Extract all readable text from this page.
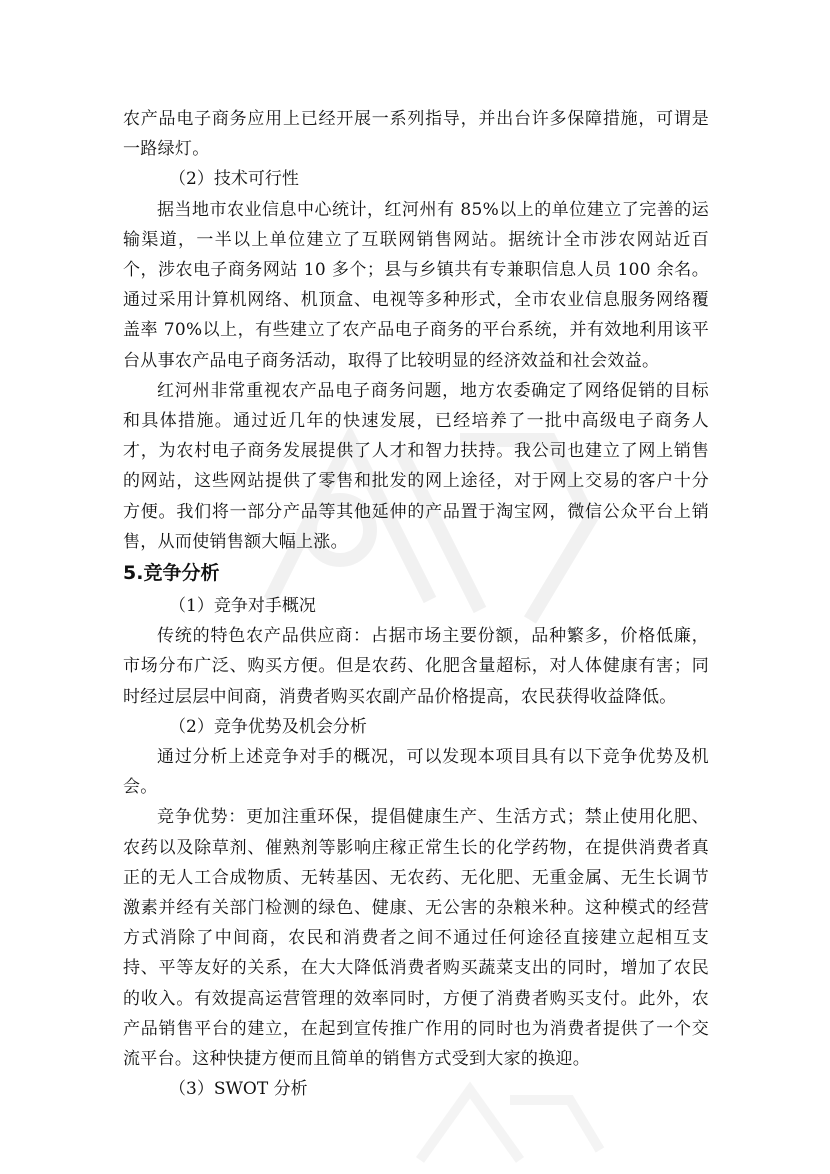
农产品电子商务应用上已经开展一系列指导，并出台许多保障措施，可谓是一路绿灯。

（2）技术可行性

据当地市农业信息中心统计，红河州有 85%以上的单位建立了完善的运输渠道，一半以上单位建立了互联网销售网站。据统计全市涉农网站近百个，涉农电子商务网站 10 多个；县与乡镇共有专兼职信息人员 100 余名。通过采用计算机网络、机顶盒、电视等多种形式，全市农业信息服务网络覆盖率 70%以上，有些建立了农产品电子商务的平台系统，并有效地利用该平台从事农产品电子商务活动，取得了比较明显的经济效益和社会效益。

红河州非常重视农产品电子商务问题，地方农委确定了网络促销的目标和具体措施。通过近几年的快速发展，已经培养了一批中高级电子商务人才，为农村电子商务发展提供了人才和智力扶持。我公司也建立了网上销售的网站，这些网站提供了零售和批发的网上途径，对于网上交易的客户十分方便。我们将一部分产品等其他延伸的产品置于淘宝网，微信公众平台上销售，从而使销售额大幅上涨。

5.竞争分析

（1）竞争对手概况

传统的特色农产品供应商：占据市场主要份额，品种繁多，价格低廉，市场分布广泛、购买方便。但是农药、化肥含量超标，对人体健康有害；同时经过层层中间商，消费者购买农副产品价格提高，农民获得收益降低。

（2）竞争优势及机会分析

通过分析上述竞争对手的概况，可以发现本项目具有以下竞争优势及机会。

竞争优势：更加注重环保，提倡健康生产、生活方式；禁止使用化肥、农药以及除草剂、催熟剂等影响庄稼正常生长的化学药物，在提供消费者真正的无人工合成物质、无转基因、无农药、无化肥、无重金属、无生长调节激素并经有关部门检测的绿色、健康、无公害的杂粮米种。这种模式的经营方式消除了中间商，农民和消费者之间不通过任何途径直接建立起相互支持、平等友好的关系，在大大降低消费者购买蔬菜支出的同时，增加了农民的收入。有效提高运营管理的效率同时，方便了消费者购买支付。此外，农产品销售平台的建立，在起到宣传推广作用的同时也为消费者提供了一个交流平台。这种快捷方便而且简单的销售方式受到大家的换迎。

（3）SWOT 分析
